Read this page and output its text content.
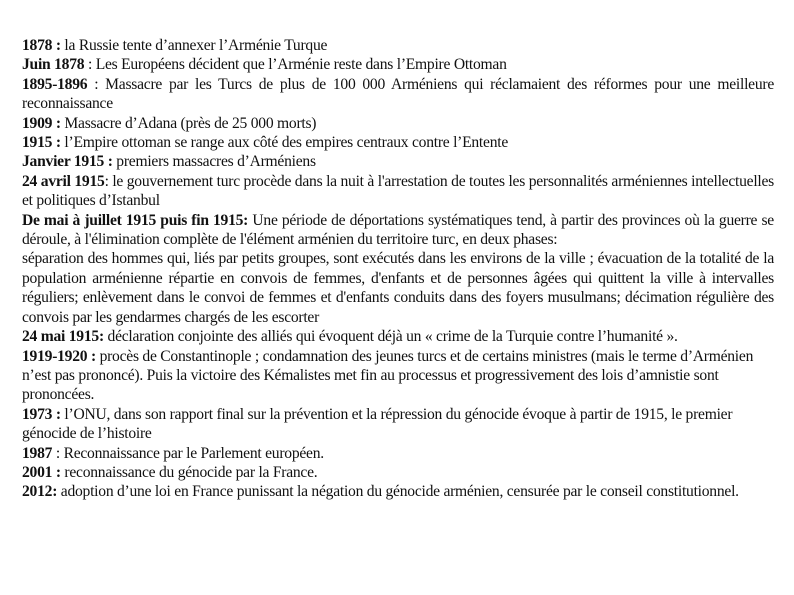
1878 : la Russie tente d’annexer l’Arménie Turque

Juin 1878 : Les Européens décident que l’Arménie reste dans l’Empire Ottoman

1895-1896 : Massacre par les Turcs de plus de 100 000 Arméniens qui réclamaient des réformes pour une meilleure reconnaissance

1909 : Massacre d’Adana (près de 25 000 morts)

1915 : l’Empire ottoman se range aux côté des empires centraux contre l’Entente

Janvier 1915 : premiers massacres d’Arméniens

24 avril 1915: le gouvernement turc procède dans la nuit à l'arrestation de toutes les personnalités arméniennes intellectuelles et politiques d’Istanbul

De mai à juillet 1915 puis fin 1915: Une période de déportations systématiques tend, à partir des provinces où la guerre se déroule, à l'élimination complète de l'élément arménien du territoire turc, en deux phases:

séparation des hommes qui, liés par petits groupes, sont exécutés dans les environs de la ville ; évacuation de la totalité de la population arménienne répartie en convois de femmes, d'enfants et de personnes âgées qui quittent la ville à intervalles réguliers; enlèvement dans le convoi de femmes et d'enfants conduits dans des foyers musulmans; décimation régulière des convois par les gendarmes chargés de les escorter

24 mai 1915: déclaration conjointe des alliés qui évoquent déjà un « crime de la Turquie contre l’humanité ».

1919-1920 : procès de Constantinople ; condamnation des jeunes turcs et de certains ministres (mais le terme d’Arménien n’est pas prononcé). Puis la victoire des Kémalistes met fin au processus et progressivement des lois d’amnistie sont prononcées.

1973 : l’ONU, dans son rapport final sur la prévention et la répression du génocide évoque à partir de 1915, le premier génocide de l’histoire

1987 : Reconnaissance par le Parlement européen.

2001 : reconnaissance du génocide par la France.

2012: adoption d’une loi en France punissant la négation du génocide arménien, censurée par le conseil constitutionnel.
